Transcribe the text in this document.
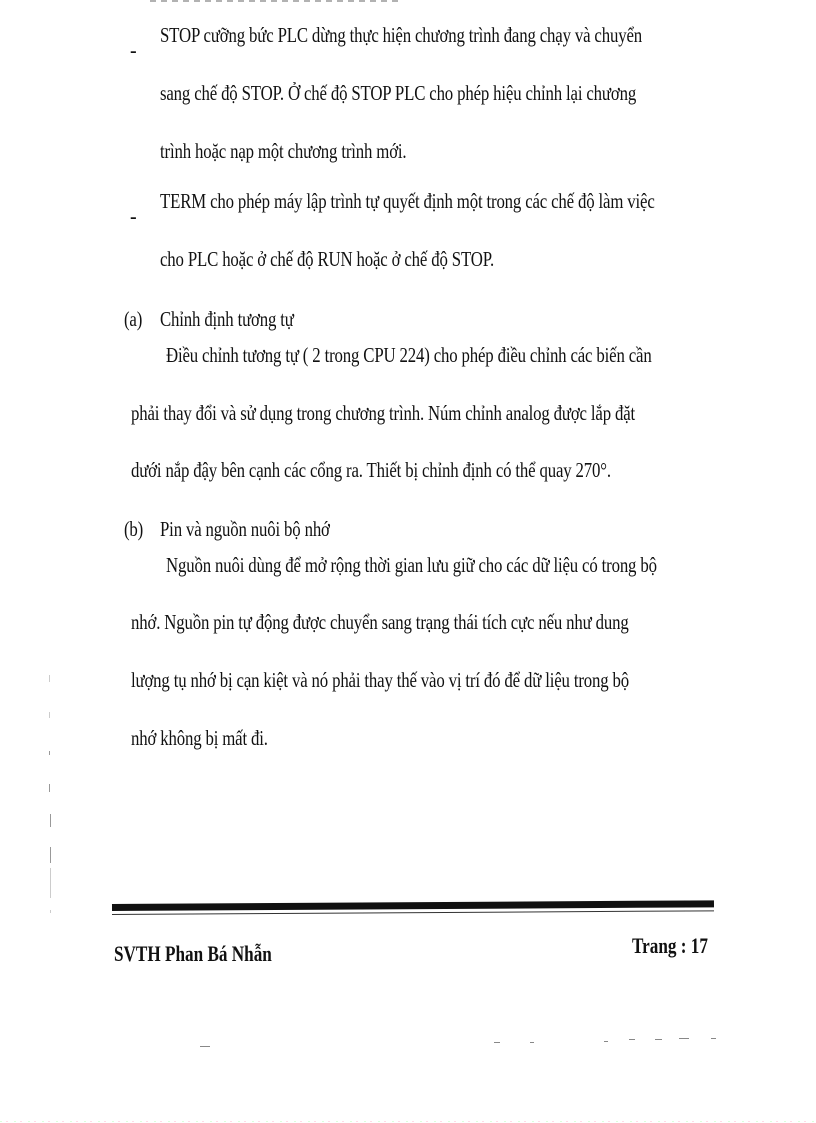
-
STOP cưỡng bức PLC dừng thực hiện chương trình đang chạy và chuyển
sang chế độ STOP. Ở chế độ STOP PLC cho phép hiệu chỉnh lại chương
trình hoặc nạp một chương trình mới.
-
TERM cho phép máy lập trình tự quyết định một trong các chế độ làm việc
cho PLC hoặc ở chế độ RUN hoặc ở chế độ STOP.
(a) Chỉnh định tương tự
Điều chỉnh tương tự ( 2 trong CPU 224) cho phép điều chỉnh các biến cần
phải thay đổi và sử dụng trong chương trình. Núm chỉnh analog được lắp đặt
dưới nắp đậy bên cạnh các cổng ra. Thiết bị chỉnh định có thể quay 270°.
(b) Pin và nguồn nuôi bộ nhớ
Nguồn nuôi dùng để mở rộng thời gian lưu giữ cho các dữ liệu có trong bộ
nhớ. Nguồn pin tự động được chuyển sang trạng thái tích cực nếu như dung
lượng tụ nhớ bị cạn kiệt và nó phải thay thế vào vị trí đó để dữ liệu trong bộ
nhớ không bị mất đi.
SVTH Phan Bá Nhẫn	Trang : 17
